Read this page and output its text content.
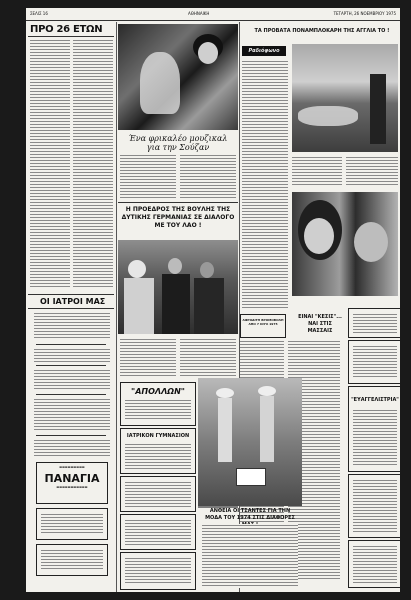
ΣΕΛΙΣ 16	ΑΘΗΝΑΙΚΗ	ΤΕΤΑΡΤΗ, 26 ΝΟΕΜΒΡΙΟΥ 1975
ΠΡΟ 26 ΕΤΩΝ
ΟΙ ΙΑΤΡΟΙ ΜΑΣ
▬▬▬▬▬▬▬▬▬
ΠΑΝΑΓΙΑ
▬▬▬▬▬▬▬▬▬▬▬
Ένα φρικαλέο μουζικαλ για την Σούζαν
Η ΠΡΟΕΔΡΟΣ ΤΗΣ ΒΟΥΛΗΣ ΤΗΣ ΔΥΤΙΚΗΣ ΓΕΡΜΑΝΙΑΣ ΣΕ ΔΙΑΛΟΓΟ ΜΕ ΤΟΥ ΛΑΟ !
"ΑΠΟΛΛΩΝ"
ΙΑΤΡΙΚΟΝ ΓΥΜΝΑΣΙΟΝ
Ραδιόφωνο
ΤΑ ΠΡΟΒΑΤΑ ΠΟΝΑΜΠΛΟΚΑΡΗ ΤΗΣ ΑΓΓΛΙΑ ΤΟ !
ΑΦΡΟΔΙΤΗ ΒΡΟΜΟΒΟΛΗ ΑΠΟ 7 ΙΟΥΛ 1975
ΕΙΝΑΙ "ΚΕΣΙΣ"... ΝΑΙ ΣΤΙΣ ΜΑΣΣΑΙΣ
"ΕΥΑΓΓΕΛΙΣΤΡΙΑ"
ΑΝΘΕΙΑ ΟΙ ΤΣΑΝΤΕΣ ΓΙΑ ΤΗΝ ΜΟΔΑ ΤΟΥ 1974 ΣΤΙΣ ΔΙΑΦΟΡΕΣ
